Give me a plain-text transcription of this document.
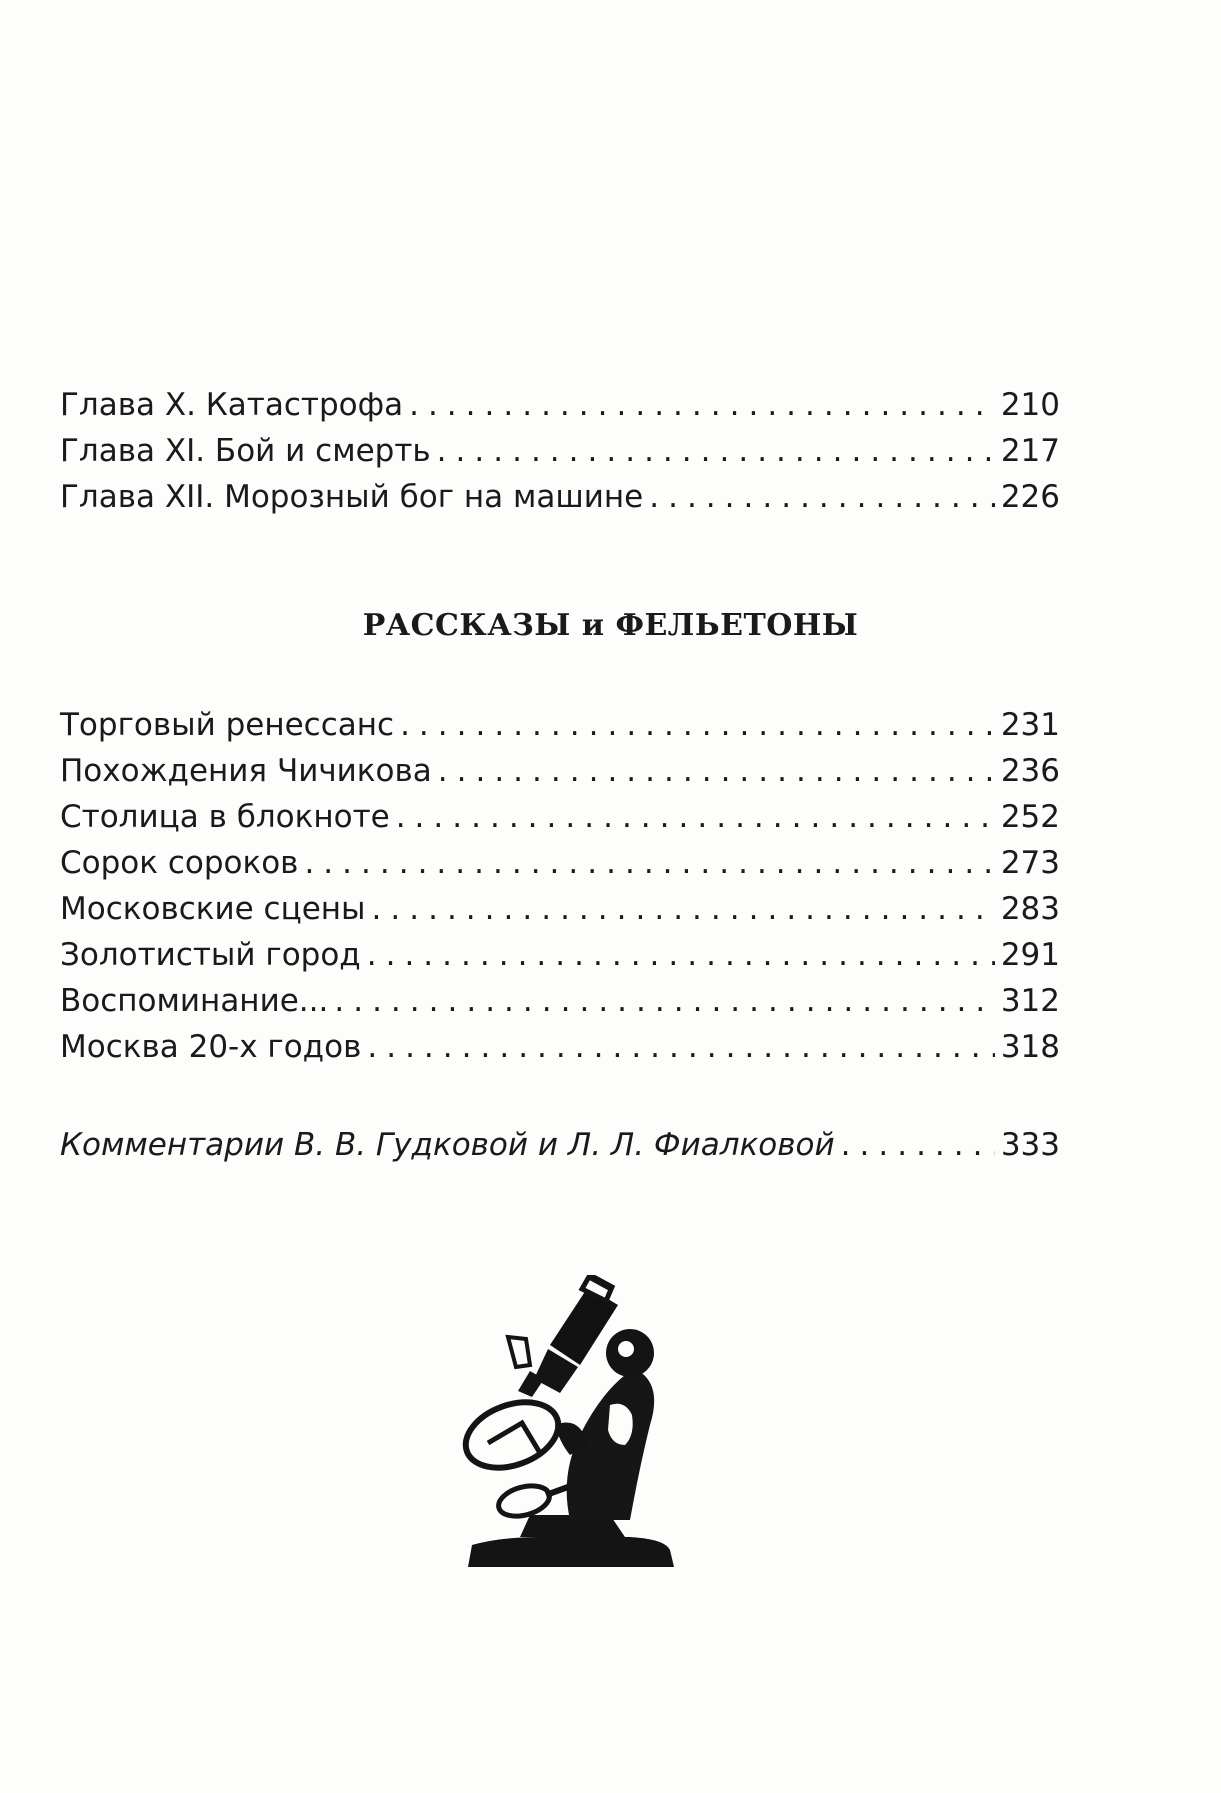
Глава X. Катастрофа .....	210
Глава XI. Бой и смерть .....	217
Глава XII. Морозный бог на машине .....	226
РАССКАЗЫ и ФЕЛЬЕТОНЫ
Торговый ренессанс .....	231
Похождения Чичикова .....	236
Столица в блокноте .....	252
Сорок сороков .....	273
Московские сцены .....	283
Золотистый город .....	291
Воспоминание... .....	312
Москва 20-х годов .....	318
Комментарии В. В. Гудковой и Л. Л. Фиалковой .....	333
